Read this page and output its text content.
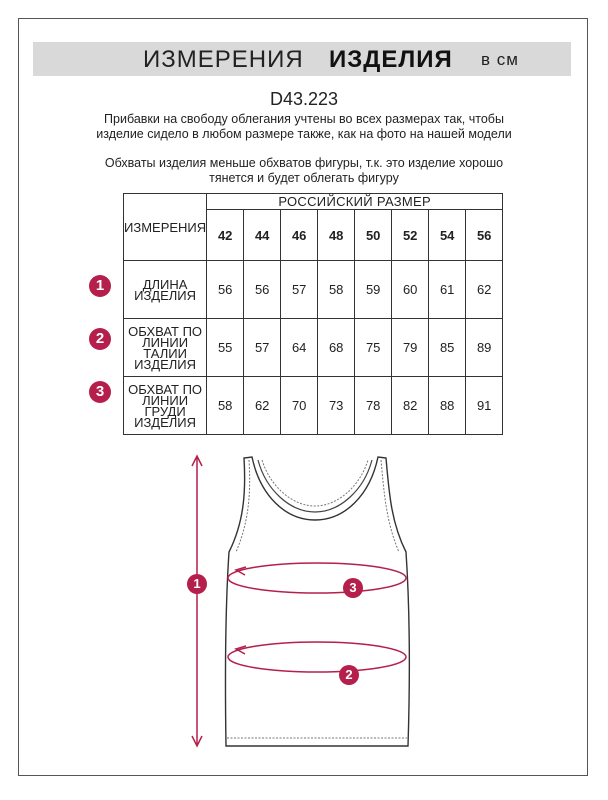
ИЗМЕРЕНИЯ ИЗДЕЛИЯ в см
D43.223
Прибавки на свободу облегания учтены во всех размерах так, чтобы изделие сидело в любом размере также, как на фото на нашей модели
Обхваты изделия меньше обхватов фигуры, т.к. это изделие хорошо тянется и будет облегать фигуру
ИЗМЕРЕНИЯ	РОССИЙСКИЙ РАЗМЕР							
	42	44	46	48	50	52	54	56
ДЛИНА ИЗДЕЛИЯ	56	56	57	58	59	60	61	62
ОБХВАТ ПО ЛИНИИ ТАЛИИ ИЗДЕЛИЯ	55	57	64	68	75	79	85	89
ОБХВАТ ПО ЛИНИИ ГРУДИ ИЗДЕЛИЯ	58	62	70	73	78	82	88	91
1
2
3
1	3
2
